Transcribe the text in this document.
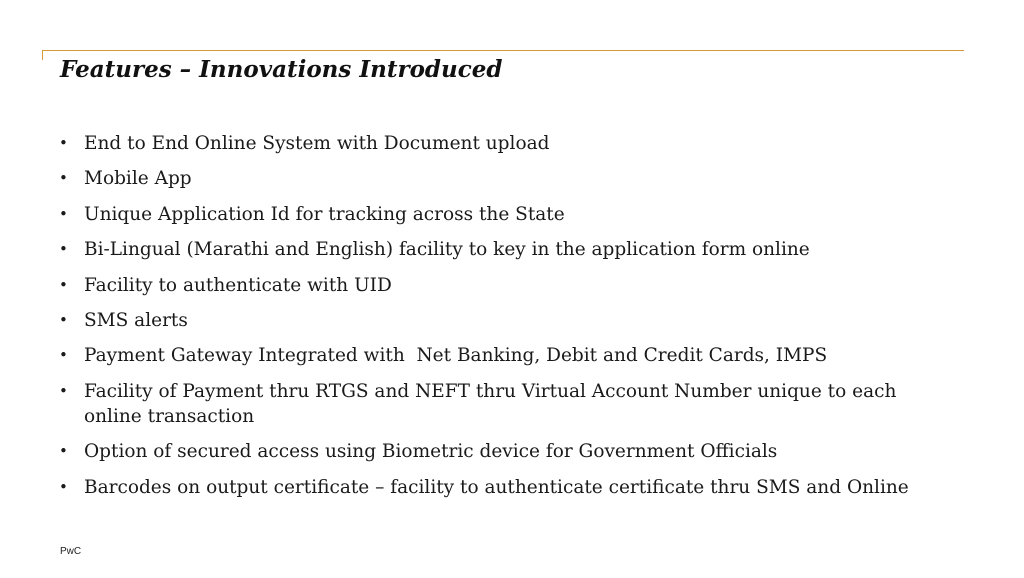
Features – Innovations Introduced
• End to End Online System with Document upload
• Mobile App
• Unique Application Id for tracking across the State
• Bi-Lingual (Marathi and English) facility to key in the application form online
• Facility to authenticate with UID
• SMS alerts
• Payment Gateway Integrated with  Net Banking, Debit and Credit Cards, IMPS
• Facility of Payment thru RTGS and NEFT thru Virtual Account Number unique to each online transaction
• Option of secured access using Biometric device for Government Officials
• Barcodes on output certificate – facility to authenticate certificate thru SMS and Online
PwC
